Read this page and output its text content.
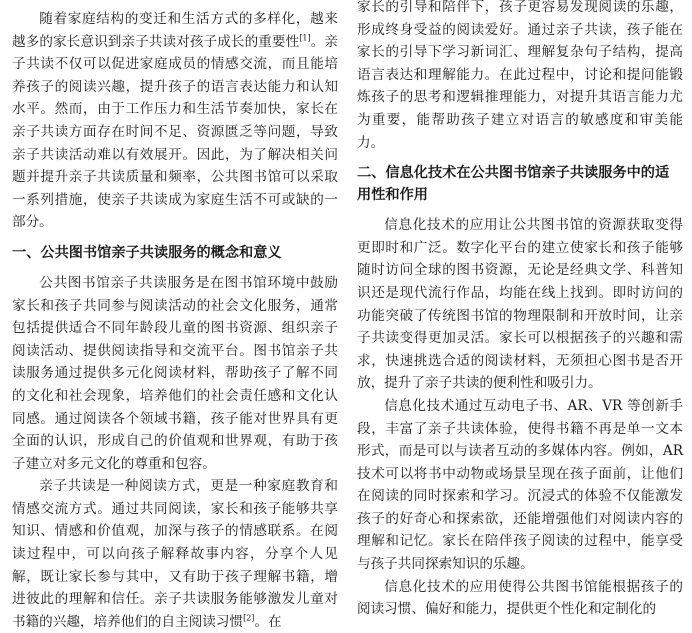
随着家庭结构的变迁和生活方式的多样化，越来越多的家长意识到亲子共读对孩子成长的重要性[1]。亲子共读不仅可以促进家庭成员的情感交流，而且能培养孩子的阅读兴趣，提升孩子的语言表达能力和认知水平。然而，由于工作压力和生活节奏加快，家长在亲子共读方面存在时间不足、资源匮乏等问题，导致亲子共读活动难以有效展开。因此，为了解决相关问题并提升亲子共读质量和频率，公共图书馆可以采取一系列措施，使亲子共读成为家庭生活不可或缺的一部分。

一、公共图书馆亲子共读服务的概念和意义

公共图书馆亲子共读服务是在图书馆环境中鼓励家长和孩子共同参与阅读活动的社会文化服务，通常包括提供适合不同年龄段儿童的图书资源、组织亲子阅读活动、提供阅读指导和交流平台。图书馆亲子共读服务通过提供多元化阅读材料，帮助孩子了解不同的文化和社会现象，培养他们的社会责任感和文化认同感。通过阅读各个领域书籍，孩子能对世界具有更全面的认识，形成自己的价值观和世界观，有助于孩子建立对多元文化的尊重和包容。

亲子共读是一种阅读方式，更是一种家庭教育和情感交流方式。通过共同阅读，家长和孩子能够共享知识、情感和价值观，加深与孩子的情感联系。在阅读过程中，可以向孩子解释故事内容，分享个人见解，既让家长参与其中，又有助于孩子理解书籍，增进彼此的理解和信任。亲子共读服务能够激发儿童对书籍的兴趣，培养他们的自主阅读习惯[2]。在

家长的引导和陪伴下，孩子更容易发现阅读的乐趣，形成终身受益的阅读爱好。通过亲子共读，孩子能在家长的引导下学习新词汇、理解复杂句子结构，提高语言表达和理解能力。在此过程中，讨论和提问能锻炼孩子的思考和逻辑推理能力，对提升其语言能力尤为重要，能帮助孩子建立对语言的敏感度和审美能力。

二、信息化技术在公共图书馆亲子共读服务中的适用性和作用

信息化技术的应用让公共图书馆的资源获取变得更即时和广泛。数字化平台的建立使家长和孩子能够随时访问全球的图书资源，无论是经典文学、科普知识还是现代流行作品，均能在线上找到。即时访问的功能突破了传统图书馆的物理限制和开放时间，让亲子共读变得更加灵活。家长可以根据孩子的兴趣和需求，快速挑选合适的阅读材料，无须担心图书是否开放，提升了亲子共读的便利性和吸引力。

信息化技术通过互动电子书、AR、VR 等创新手段，丰富了亲子共读体验，使得书籍不再是单一文本形式，而是可以与读者互动的多媒体内容。例如，AR 技术可以将书中动物或场景呈现在孩子面前，让他们在阅读的同时探索和学习。沉浸式的体验不仅能激发孩子的好奇心和探索欲，还能增强他们对阅读内容的理解和记忆。家长在陪伴孩子阅读的过程中，能享受与孩子共同探索知识的乐趣。

信息化技术的应用使得公共图书馆能根据孩子的阅读习惯、偏好和能力，提供更个性化和定制化的
